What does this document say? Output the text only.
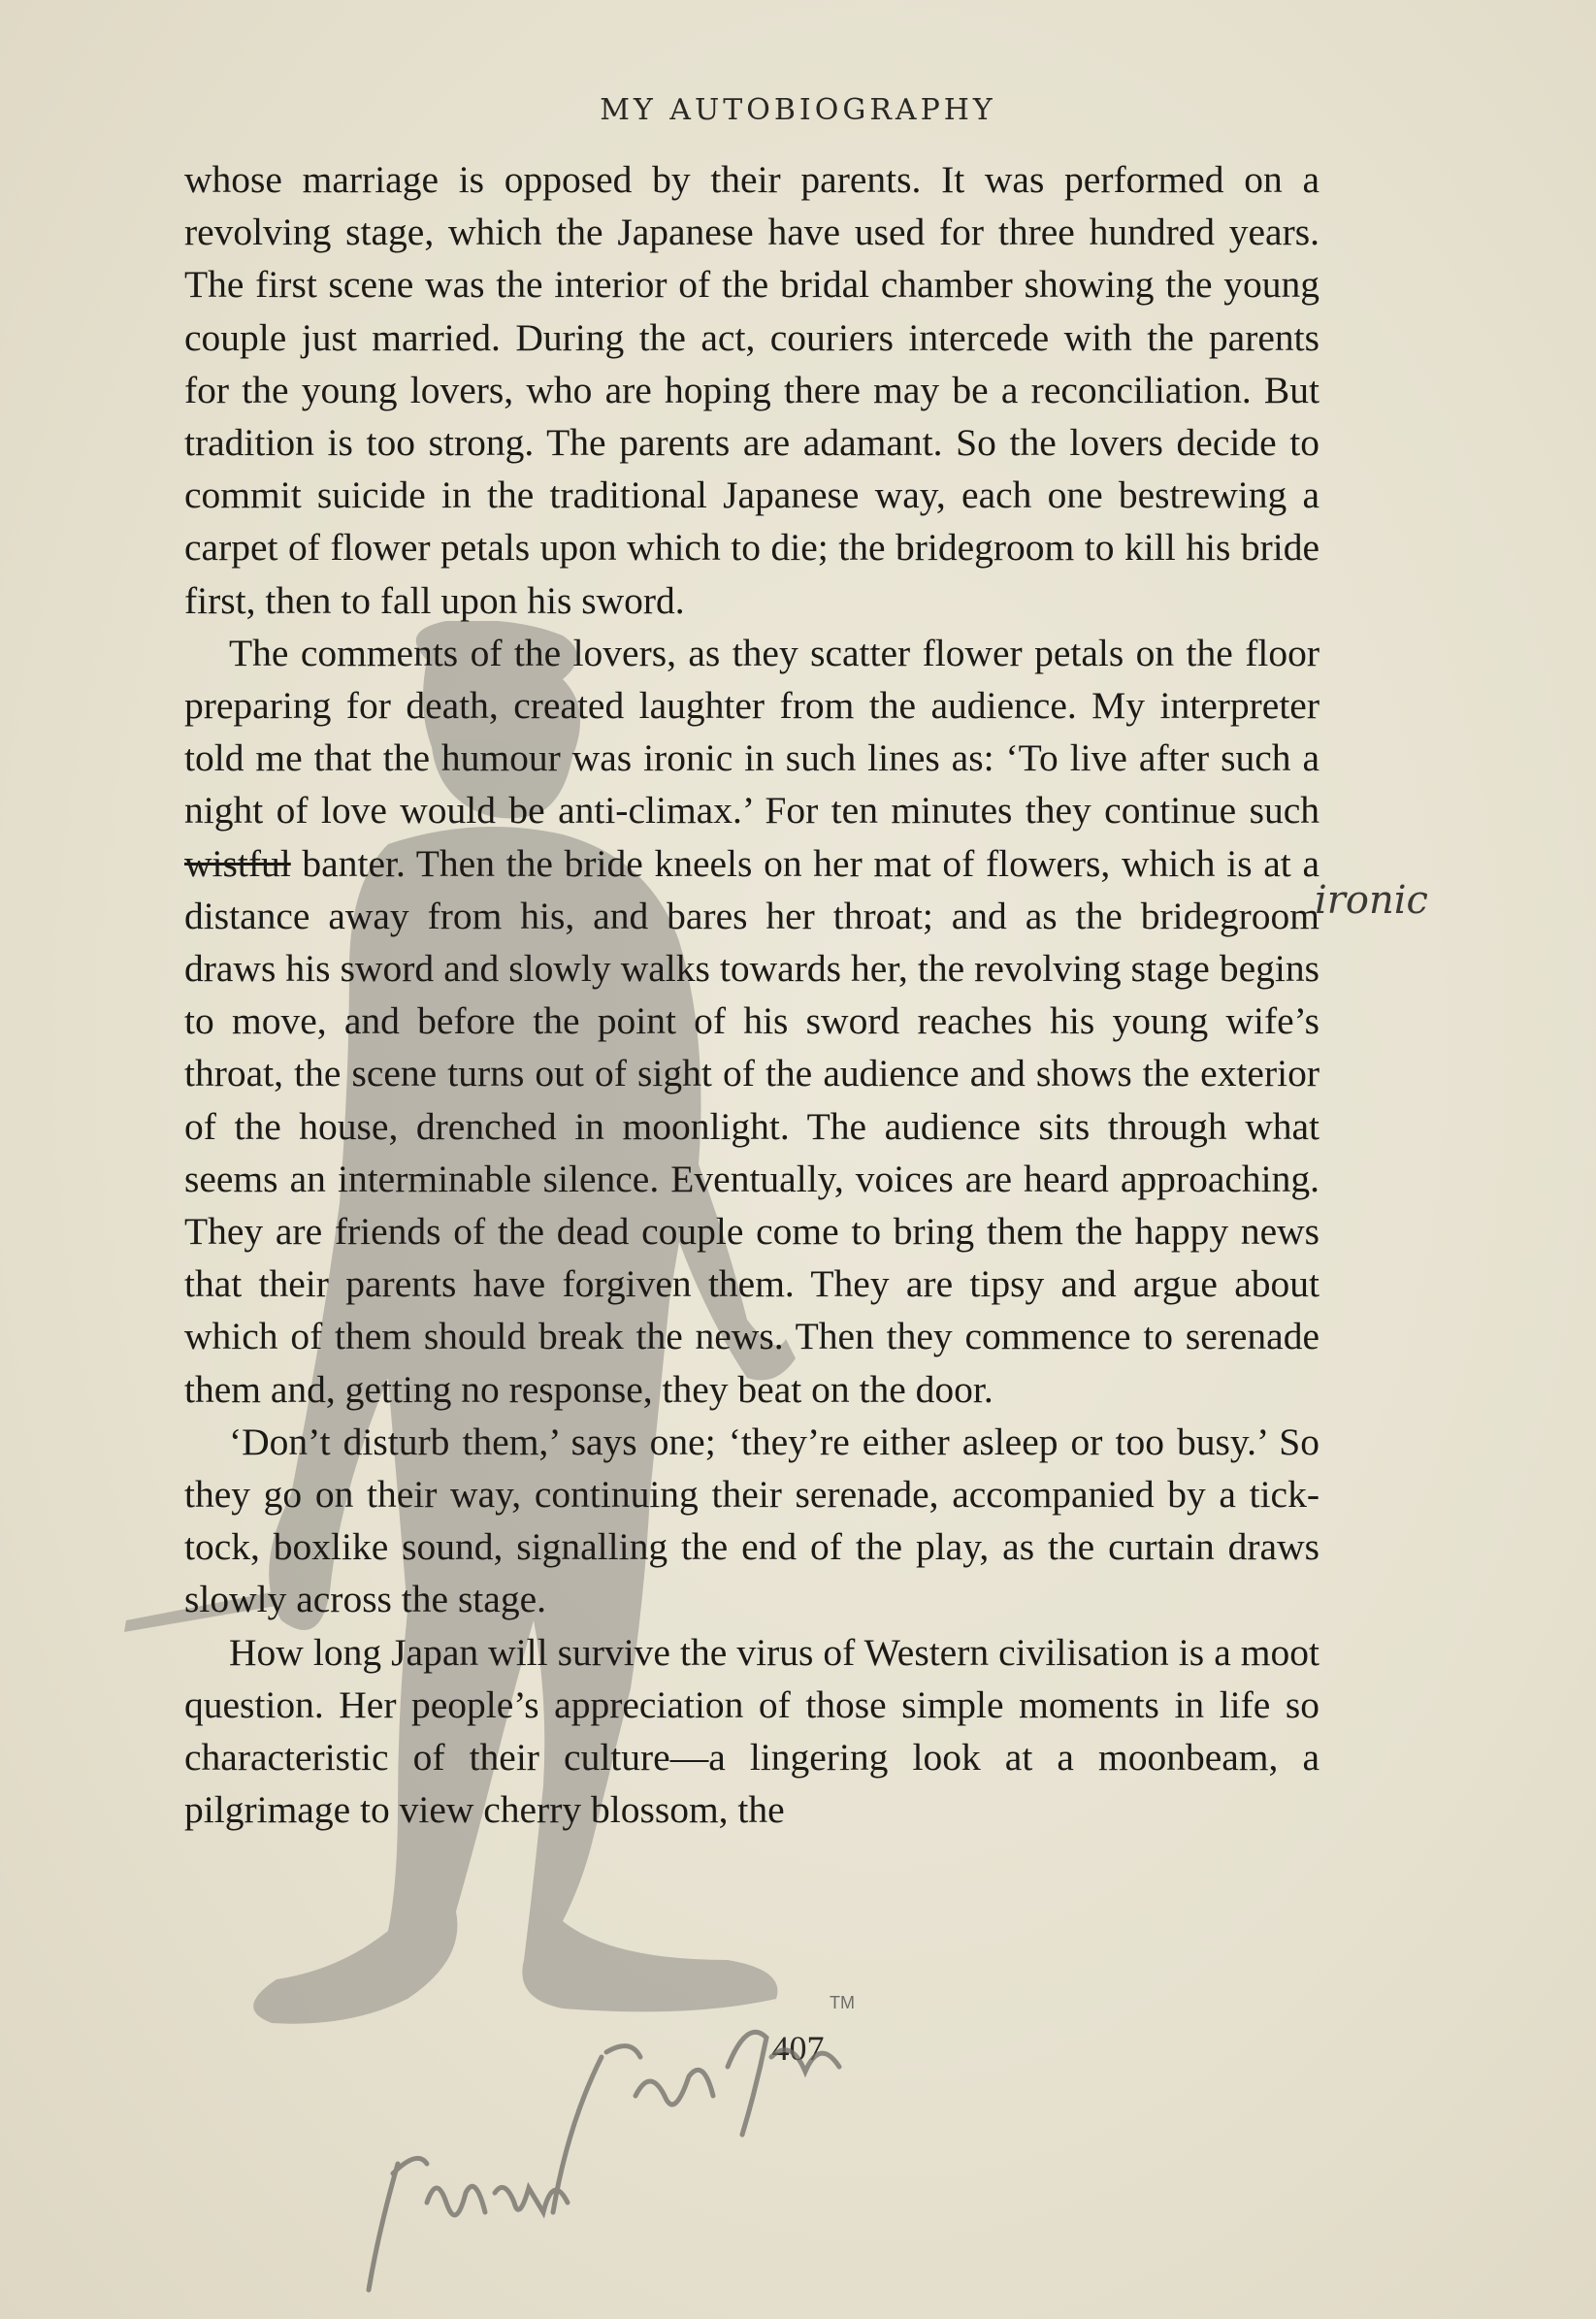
MY AUTOBIOGRAPHY

whose marriage is opposed by their parents. It was performed on a revolving stage, which the Japanese have used for three hundred years. The first scene was the interior of the bridal chamber showing the young couple just married. During the act, couriers intercede with the parents for the young lovers, who are hoping there may be a reconciliation. But tradition is too strong. The parents are adamant. So the lovers decide to commit suicide in the traditional Japanese way, each one bestrewing a carpet of flower petals upon which to die; the bridegroom to kill his bride first, then to fall upon his sword.

The comments of the lovers, as they scatter flower petals on the floor preparing for death, created laughter from the audience. My interpreter told me that the humour was ironic in such lines as: ‘To live after such a night of love would be anti-climax.’ For ten minutes they continue such wistful banter. Then the bride kneels on her mat of flowers, which is at a distance away from his, and bares her throat; and as the bridegroom draws his sword and slowly walks towards her, the revolving stage begins to move, and before the point of his sword reaches his young wife’s throat, the scene turns out of sight of the audience and shows the exterior of the house, drenched in moonlight. The audience sits through what seems an interminable silence. Eventually, voices are heard approaching. They are friends of the dead couple come to bring them the happy news that their parents have forgiven them. They are tipsy and argue about which of them should break the news. Then they commence to serenade them and, getting no response, they beat on the door.

‘Don’t disturb them,’ says one; ‘they’re either asleep or too busy.’ So they go on their way, continuing their serenade, accompanied by a tick-tock, boxlike sound, signalling the end of the play, as the curtain draws slowly across the stage.

How long Japan will survive the virus of Western civilisation is a moot question. Her people’s appreciation of those simple moments in life so characteristic of their culture—a lingering look at a moonbeam, a pilgrimage to view cherry blossom, the

ironic
407
TM
